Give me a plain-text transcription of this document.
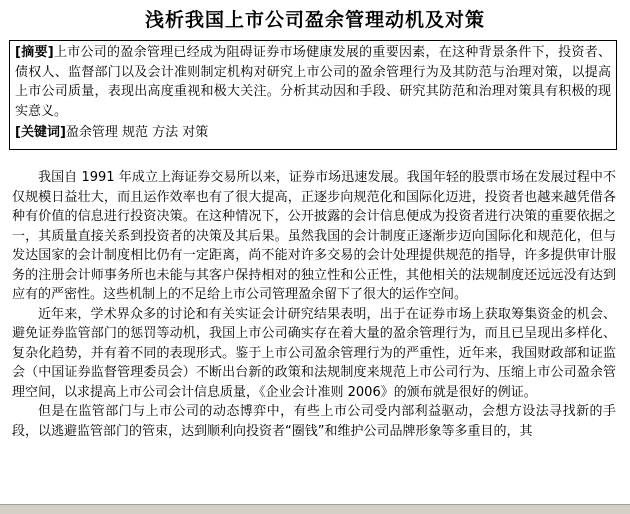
浅析我国上市公司盈余管理动机及对策

[摘要]上市公司的盈余管理已经成为阻碍证券市场健康发展的重要因素，在这种背景条件下，投资者、债权人、监督部门以及会计准则制定机构对研究上市公司的盈余管理行为及其防范与治理对策，以提高上市公司质量，表现出高度重视和极大关注。分析其动因和手段、研究其防范和治理对策具有积极的现实意义。

[关键词]盈余管理 规范 方法 对策

我国自 1991 年成立上海证券交易所以来，证券市场迅速发展。我国年轻的股票市场在发展过程中不仅规模日益壮大，而且运作效率也有了很大提高，正逐步向规范化和国际化迈进，投资者也越来越凭借各种有价值的信息进行投资决策。在这种情况下，公开披露的会计信息便成为投资者进行决策的重要依据之一，其质量直接关系到投资者的决策及其后果。虽然我国的会计制度正逐渐步迈向国际化和规范化，但与发达国家的会计制度相比仍有一定距离，尚不能对许多交易的会计处理提供规范的指导，许多提供审计服务的注册会计师事务所也未能与其客户保持相对的独立性和公正性，其他相关的法规制度还远远没有达到应有的严密性。这些机制上的不足给上市公司管理盈余留下了很大的运作空间。

近年来，学术界众多的讨论和有关实证会计研究结果表明，出于在证券市场上获取筹集资金的机会、避免证券监管部门的惩罚等动机，我国上市公司确实存在着大量的盈余管理行为，而且已呈现出多样化、复杂化趋势，并有着不同的表现形式。鉴于上市公司盈余管理行为的严重性，近年来，我国财政部和证监会（中国证券监督管理委员会）不断出台新的政策和法规制度来规范上市公司行为、压缩上市公司盈余管理空间，以求提高上市公司会计信息质量，《企业会计准则 2006》的颁布就是很好的例证。

但是在监管部门与上市公司的动态博弈中，有些上市公司受内部利益驱动，会想方设法寻找新的手段，以逃避监管部门的管束，达到顺利向投资者“圈钱”和维护公司品牌形象等多重目的，其
